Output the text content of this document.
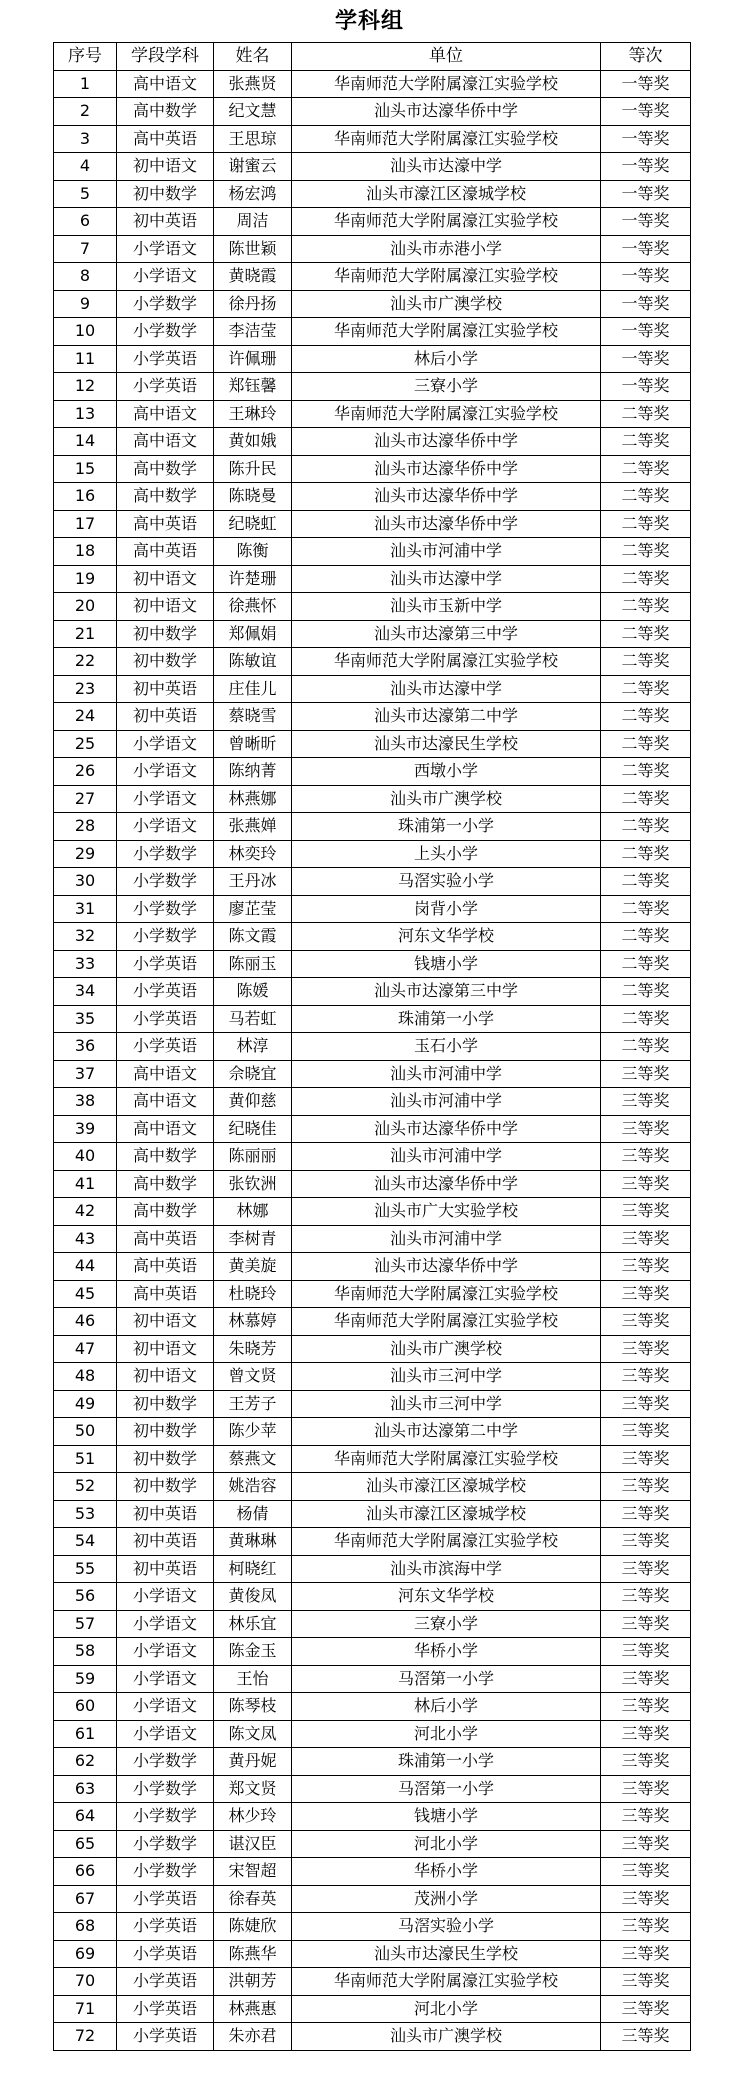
学科组
序号	学段学科	姓名	单位	等次
1	高中语文	张燕贤	华南师范大学附属濠江实验学校	一等奖
2	高中数学	纪文慧	汕头市达濠华侨中学	一等奖
3	高中英语	王思琼	华南师范大学附属濠江实验学校	一等奖
4	初中语文	谢蜜云	汕头市达濠中学	一等奖
5	初中数学	杨宏鸿	汕头市濠江区濠城学校	一等奖
6	初中英语	周洁	华南师范大学附属濠江实验学校	一等奖
7	小学语文	陈世颖	汕头市赤港小学	一等奖
8	小学语文	黄晓霞	华南师范大学附属濠江实验学校	一等奖
9	小学数学	徐丹扬	汕头市广澳学校	一等奖
10	小学数学	李洁莹	华南师范大学附属濠江实验学校	一等奖
11	小学英语	许佩珊	林后小学	一等奖
12	小学英语	郑钰馨	三寮小学	一等奖
13	高中语文	王琳玲	华南师范大学附属濠江实验学校	二等奖
14	高中语文	黄如娥	汕头市达濠华侨中学	二等奖
15	高中数学	陈升民	汕头市达濠华侨中学	二等奖
16	高中数学	陈晓曼	汕头市达濠华侨中学	二等奖
17	高中英语	纪晓虹	汕头市达濠华侨中学	二等奖
18	高中英语	陈衡	汕头市河浦中学	二等奖
19	初中语文	许楚珊	汕头市达濠中学	二等奖
20	初中语文	徐燕怀	汕头市玉新中学	二等奖
21	初中数学	郑佩娟	汕头市达濠第三中学	二等奖
22	初中数学	陈敏谊	华南师范大学附属濠江实验学校	二等奖
23	初中英语	庄佳儿	汕头市达濠中学	二等奖
24	初中英语	蔡晓雪	汕头市达濠第二中学	二等奖
25	小学语文	曾晰昕	汕头市达濠民生学校	二等奖
26	小学语文	陈纳菁	西墩小学	二等奖
27	小学语文	林燕娜	汕头市广澳学校	二等奖
28	小学语文	张燕婵	珠浦第一小学	二等奖
29	小学数学	林奕玲	上头小学	二等奖
30	小学数学	王丹冰	马滘实验小学	二等奖
31	小学数学	廖芷莹	岗背小学	二等奖
32	小学数学	陈文霞	河东文华学校	二等奖
33	小学英语	陈丽玉	钱塘小学	二等奖
34	小学英语	陈媛	汕头市达濠第三中学	二等奖
35	小学英语	马若虹	珠浦第一小学	二等奖
36	小学英语	林淳	玉石小学	二等奖
37	高中语文	佘晓宜	汕头市河浦中学	三等奖
38	高中语文	黄仰慈	汕头市河浦中学	三等奖
39	高中语文	纪晓佳	汕头市达濠华侨中学	三等奖
40	高中数学	陈丽丽	汕头市河浦中学	三等奖
41	高中数学	张钦洲	汕头市达濠华侨中学	三等奖
42	高中数学	林娜	汕头市广大实验学校	三等奖
43	高中英语	李树青	汕头市河浦中学	三等奖
44	高中英语	黄美旋	汕头市达濠华侨中学	三等奖
45	高中英语	杜晓玲	华南师范大学附属濠江实验学校	三等奖
46	初中语文	林慕婷	华南师范大学附属濠江实验学校	三等奖
47	初中语文	朱晓芳	汕头市广澳学校	三等奖
48	初中语文	曾文贤	汕头市三河中学	三等奖
49	初中数学	王芳子	汕头市三河中学	三等奖
50	初中数学	陈少苹	汕头市达濠第二中学	三等奖
51	初中数学	蔡燕文	华南师范大学附属濠江实验学校	三等奖
52	初中数学	姚浩容	汕头市濠江区濠城学校	三等奖
53	初中英语	杨倩	汕头市濠江区濠城学校	三等奖
54	初中英语	黄琳琳	华南师范大学附属濠江实验学校	三等奖
55	初中英语	柯晓红	汕头市滨海中学	三等奖
56	小学语文	黄俊凤	河东文华学校	三等奖
57	小学语文	林乐宜	三寮小学	三等奖
58	小学语文	陈金玉	华桥小学	三等奖
59	小学语文	王怡	马滘第一小学	三等奖
60	小学语文	陈琴枝	林后小学	三等奖
61	小学语文	陈文凤	河北小学	三等奖
62	小学数学	黄丹妮	珠浦第一小学	三等奖
63	小学数学	郑文贤	马滘第一小学	三等奖
64	小学数学	林少玲	钱塘小学	三等奖
65	小学数学	谌汉臣	河北小学	三等奖
66	小学数学	宋智超	华桥小学	三等奖
67	小学英语	徐春英	茂洲小学	三等奖
68	小学英语	陈婕欣	马滘实验小学	三等奖
69	小学英语	陈燕华	汕头市达濠民生学校	三等奖
70	小学英语	洪朝芳	华南师范大学附属濠江实验学校	三等奖
71	小学英语	林燕惠	河北小学	三等奖
72	小学英语	朱亦君	汕头市广澳学校	三等奖
